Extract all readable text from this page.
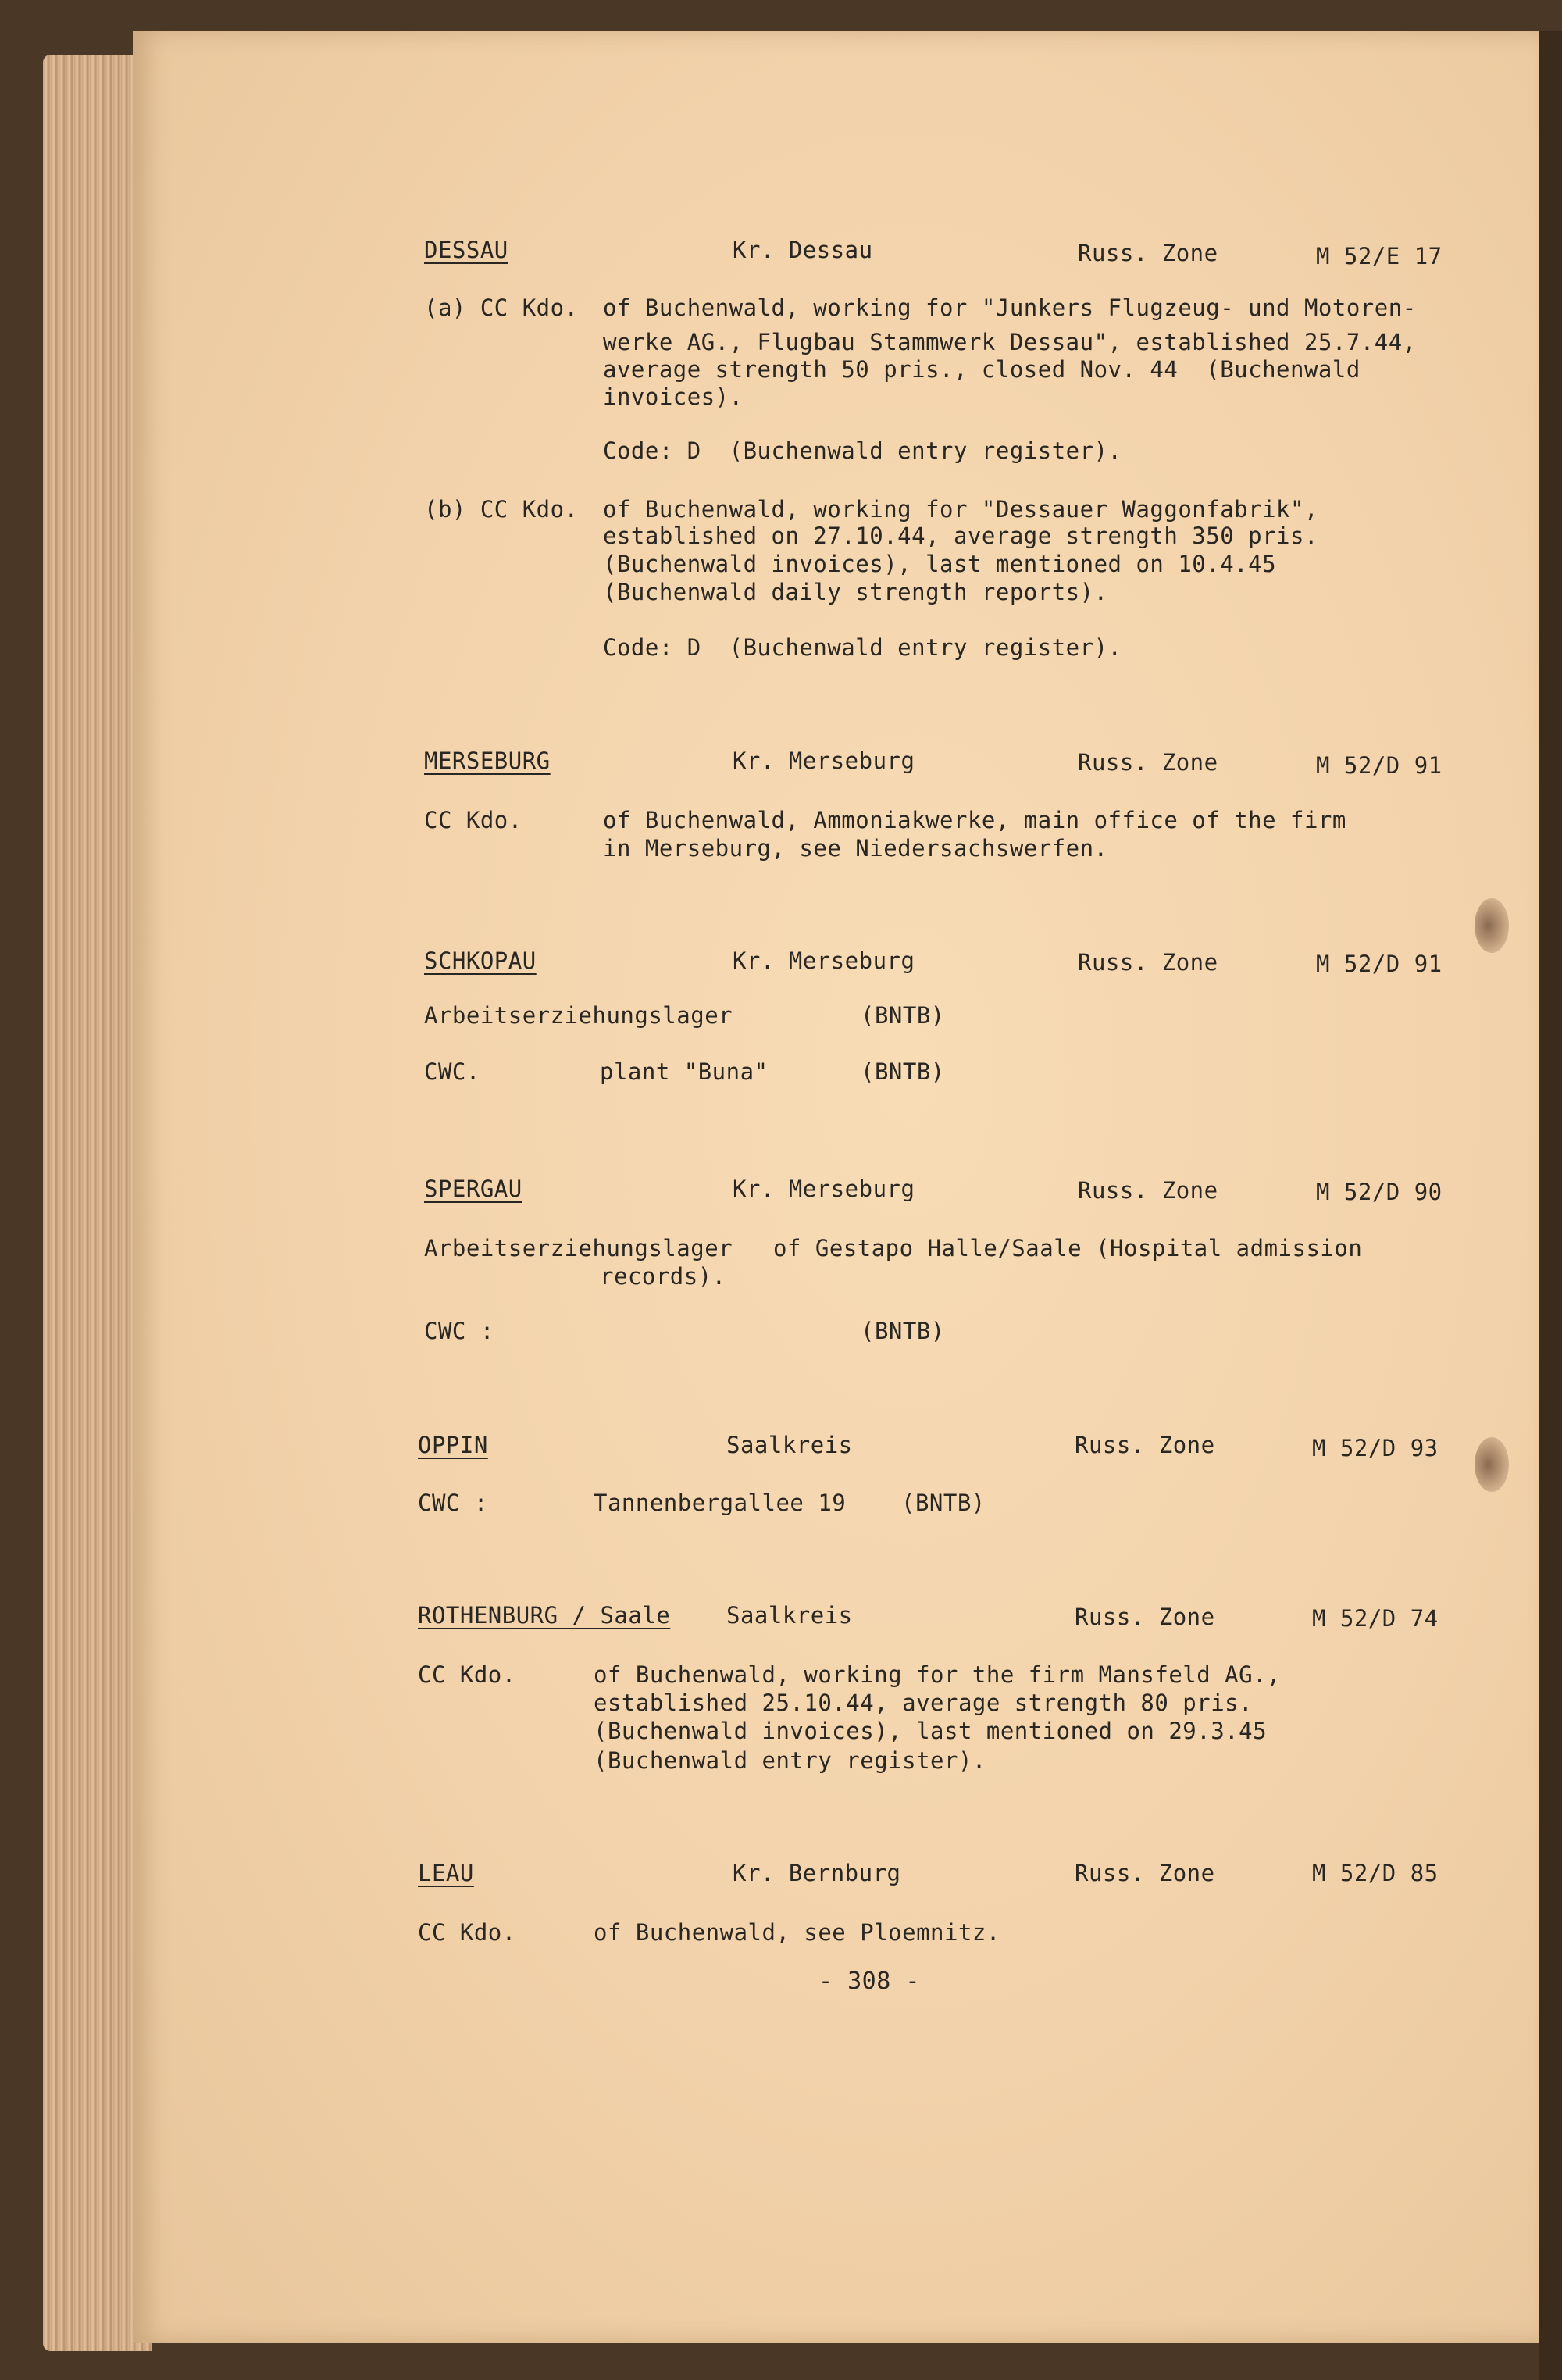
DESSAU	Kr. Dessau	Russ. Zone	M 52/E 17
(a) CC Kdo. of Buchenwald, working for "Junkers Flugzeug- und Motoren-
werke AG., Flugbau Stammwerk Dessau", established 25.7.44,
average strength 50 pris., closed Nov. 44  (Buchenwald
invoices).
Code: D  (Buchenwald entry register).
(b) CC Kdo. of Buchenwald, working for "Dessauer Waggonfabrik",
established on 27.10.44, average strength 350 pris.
(Buchenwald invoices), last mentioned on 10.4.45
(Buchenwald daily strength reports).
Code: D  (Buchenwald entry register).
MERSEBURG	Kr. Merseburg	Russ. Zone	M 52/D 91
CC Kdo.	of Buchenwald, Ammoniakwerke, main office of the firm
in Merseburg, see Niedersachswerfen.
SCHKOPAU	Kr. Merseburg	Russ. Zone	M 52/D 91
Arbeitserziehungslager	(BNTB)
CWC.	plant "Buna"	(BNTB)
SPERGAU	Kr. Merseburg	Russ. Zone	M 52/D 90
Arbeitserziehungslager of Gestapo Halle/Saale (Hospital admission
records).
CWC :	(BNTB)
OPPIN	Saalkreis	Russ. Zone	M 52/D 93
CWC :	Tannenbergallee 19 (BNTB)
ROTHENBURG / Saale Saalkreis	Russ. Zone	M 52/D 74
CC Kdo.	of Buchenwald, working for the firm Mansfeld AG.,
established 25.10.44, average strength 80 pris.
(Buchenwald invoices), last mentioned on 29.3.45
(Buchenwald entry register).
LEAU	Kr. Bernburg	Russ. Zone	M 52/D 85
CC Kdo.	of Buchenwald, see Ploemnitz.
- 308 -
